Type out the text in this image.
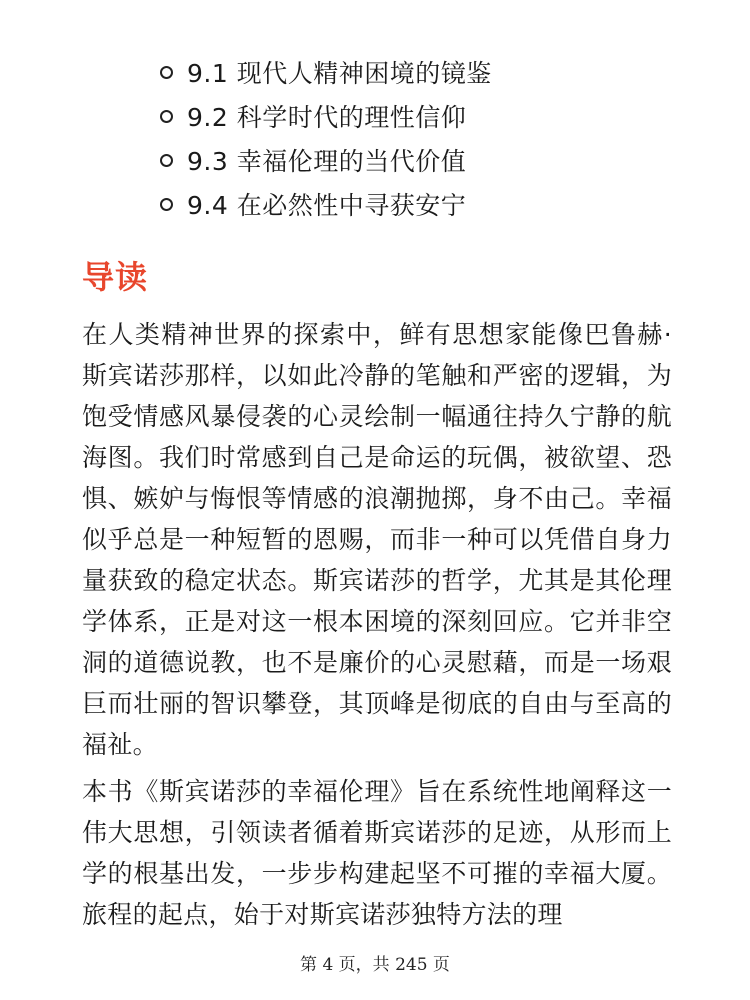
9.1 现代人精神困境的镜鉴
9.2 科学时代的理性信仰
9.3 幸福伦理的当代价值
9.4 在必然性中寻获安宁
导读

在人类精神世界的探索中，鲜有思想家能像巴鲁赫·斯宾诺莎那样，以如此冷静的笔触和严密的逻辑，为饱受情感风暴侵袭的心灵绘制一幅通往持久宁静的航海图。我们时常感到自己是命运的玩偶，被欲望、恐惧、嫉妒与悔恨等情感的浪潮抛掷，身不由己。幸福似乎总是一种短暂的恩赐，而非一种可以凭借自身力量获致的稳定状态。斯宾诺莎的哲学，尤其是其伦理学体系，正是对这一根本困境的深刻回应。它并非空洞的道德说教，也不是廉价的心灵慰藉，而是一场艰巨而壮丽的智识攀登，其顶峰是彻底的自由与至高的福祉。

本书《斯宾诺莎的幸福伦理》旨在系统性地阐释这一伟大思想，引领读者循着斯宾诺莎的足迹，从形而上学的根基出发，一步步构建起坚不可摧的幸福大厦。旅程的起点，始于对斯宾诺莎独特方法的理

第 4 页，共 245 页
